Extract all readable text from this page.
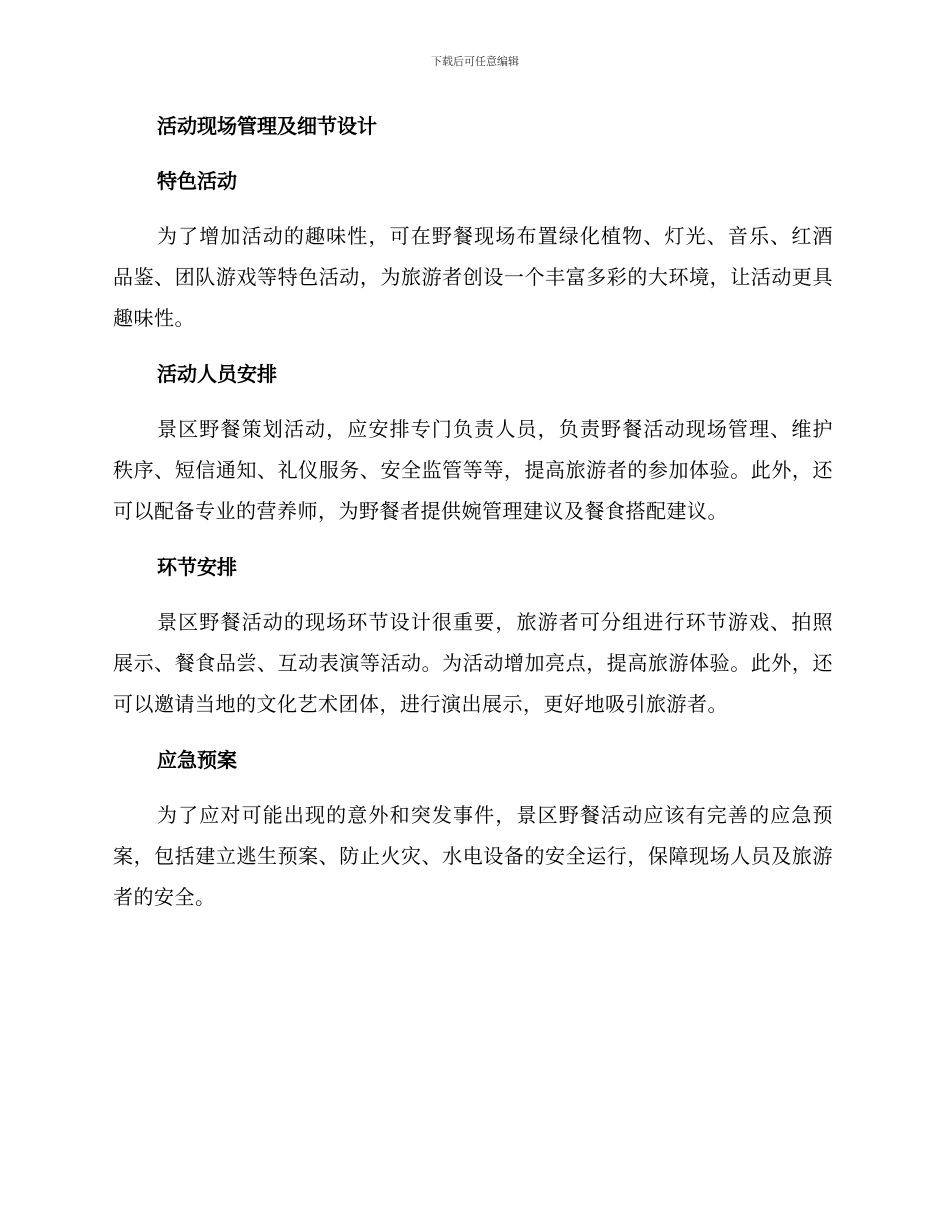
下载后可任意编辑
活动现场管理及细节设计
特色活动

为了增加活动的趣味性，可在野餐现场布置绿化植物、灯光、音乐、红酒品鉴、团队游戏等特色活动，为旅游者创设一个丰富多彩的大环境，让活动更具趣味性。

活动人员安排

景区野餐策划活动，应安排专门负责人员，负责野餐活动现场管理、维护秩序、短信通知、礼仪服务、安全监管等等，提高旅游者的参加体验。此外，还可以配备专业的营养师，为野餐者提供婉管理建议及餐食搭配建议。

环节安排

景区野餐活动的现场环节设计很重要，旅游者可分组进行环节游戏、拍照展示、餐食品尝、互动表演等活动。为活动增加亮点，提高旅游体验。此外，还可以邀请当地的文化艺术团体，进行演出展示，更好地吸引旅游者。

应急预案

为了应对可能出现的意外和突发事件，景区野餐活动应该有完善的应急预案，包括建立逃生预案、防止火灾、水电设备的安全运行，保障现场人员及旅游者的安全。
